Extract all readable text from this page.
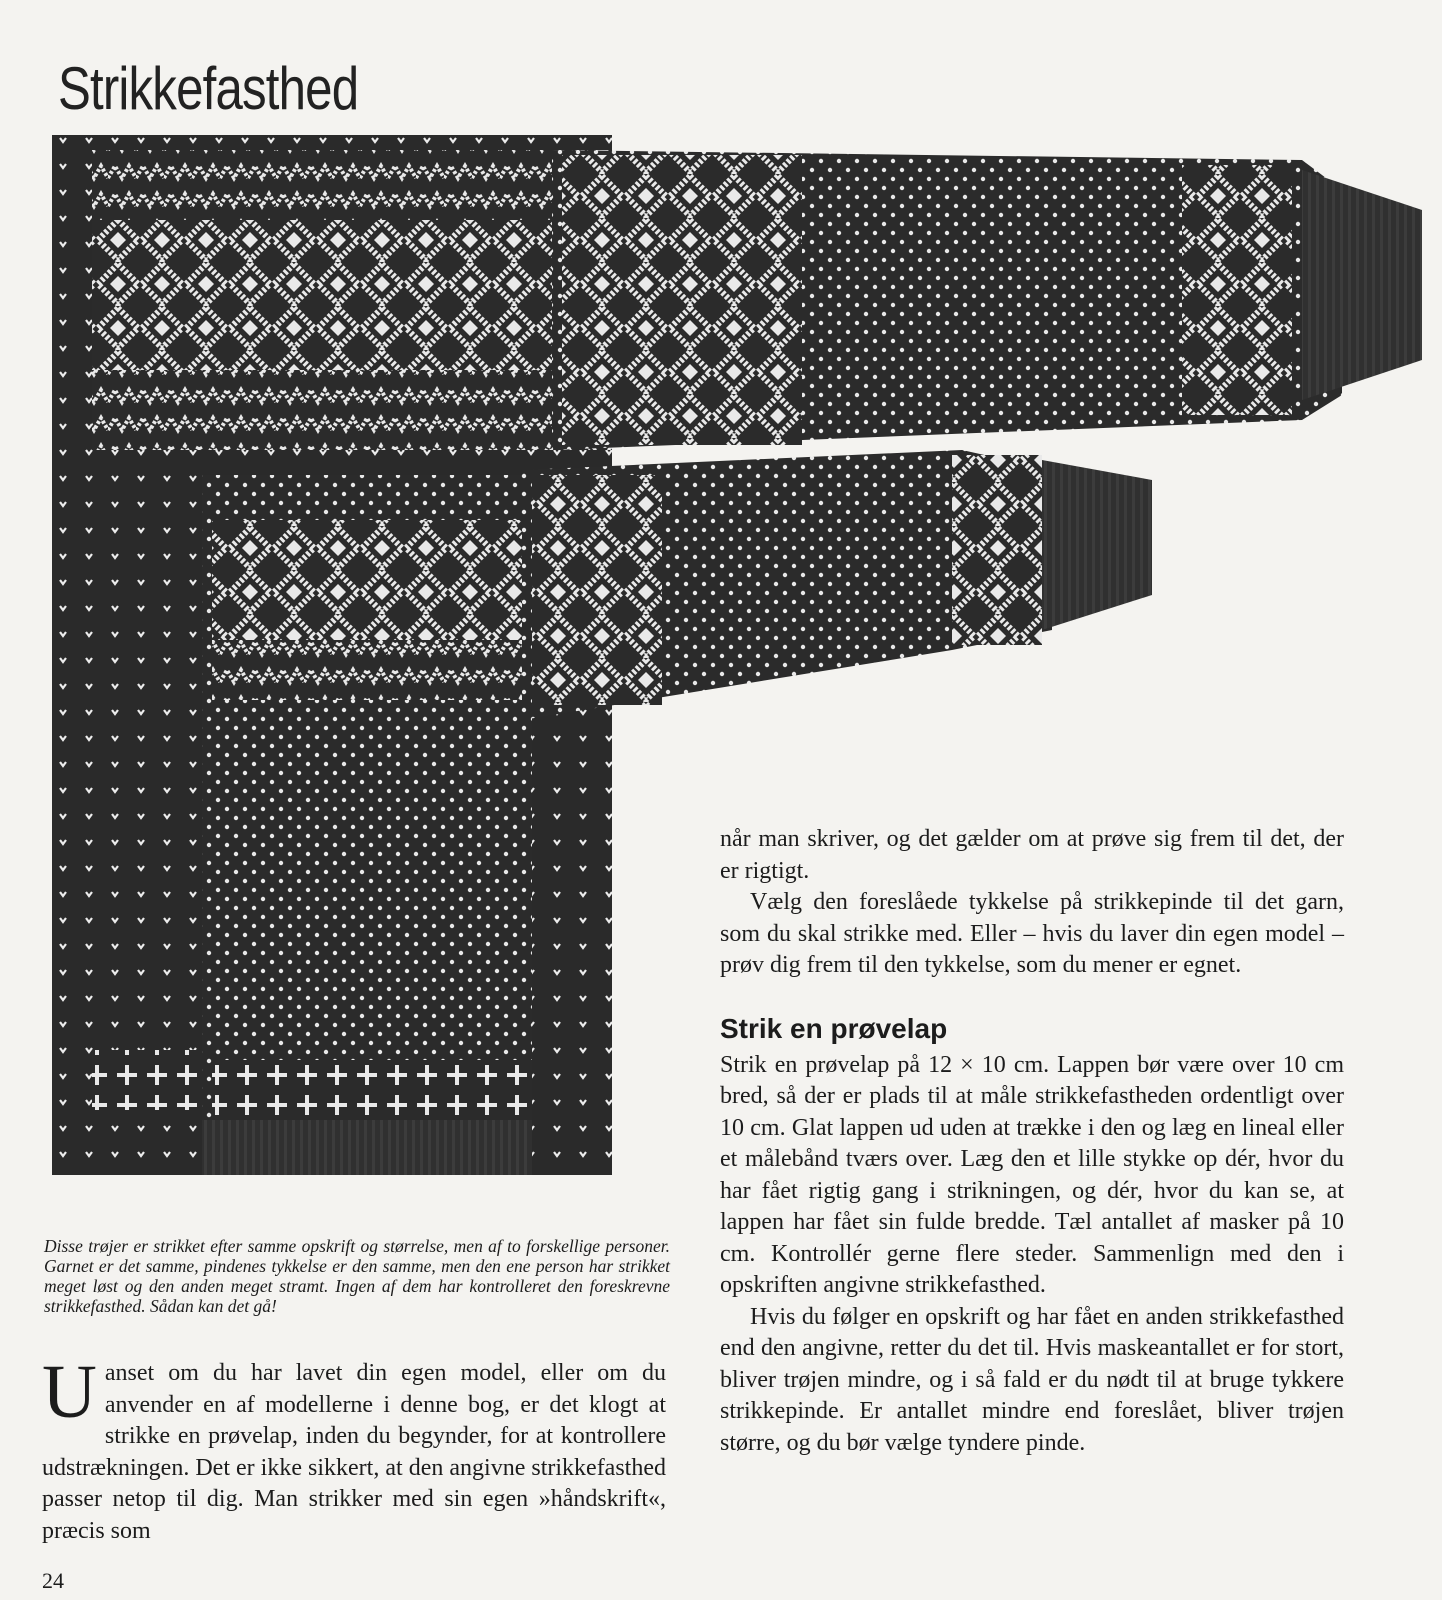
Strikkefasthed

Disse trøjer er strikket efter samme opskrift og størrelse, men af to forskellige personer. Garnet er det samme, pindenes tykkelse er den samme, men den ene person har strikket meget løst og den anden meget stramt. Ingen af dem har kontrolleret den foreskrevne strikkefasthed. Sådan kan det gå!

Uanset om du har lavet din egen model, eller om du anvender en af modellerne i denne bog, er det klogt at strikke en prøvelap, inden du begynder, for at kontrollere udstrækningen. Det er ikke sikkert, at den angivne strikkefasthed passer netop til dig. Man strikker med sin egen »håndskrift«, præcis som

når man skriver, og det gælder om at prøve sig frem til det, der er rigtigt.

Vælg den foreslåede tykkelse på strikkepinde til det garn, som du skal strikke med. Eller – hvis du laver din egen model – prøv dig frem til den tykkelse, som du mener er egnet.

Strik en prøvelap

Strik en prøvelap på 12 × 10 cm. Lappen bør være over 10 cm bred, så der er plads til at måle strikkefastheden ordentligt over 10 cm. Glat lappen ud uden at trække i den og læg en lineal eller et målebånd tværs over. Læg den et lille stykke op dér, hvor du har fået rigtig gang i strikningen, og dér, hvor du kan se, at lappen har fået sin fulde bredde. Tæl antallet af masker på 10 cm. Kontrollér gerne flere steder. Sammenlign med den i opskriften angivne strikkefasthed.

Hvis du følger en opskrift og har fået en anden strikkefasthed end den angivne, retter du det til. Hvis maskeantallet er for stort, bliver trøjen mindre, og i så fald er du nødt til at bruge tykkere strikkepinde. Er antallet mindre end foreslået, bliver trøjen større, og du bør vælge tyndere pinde.

24
